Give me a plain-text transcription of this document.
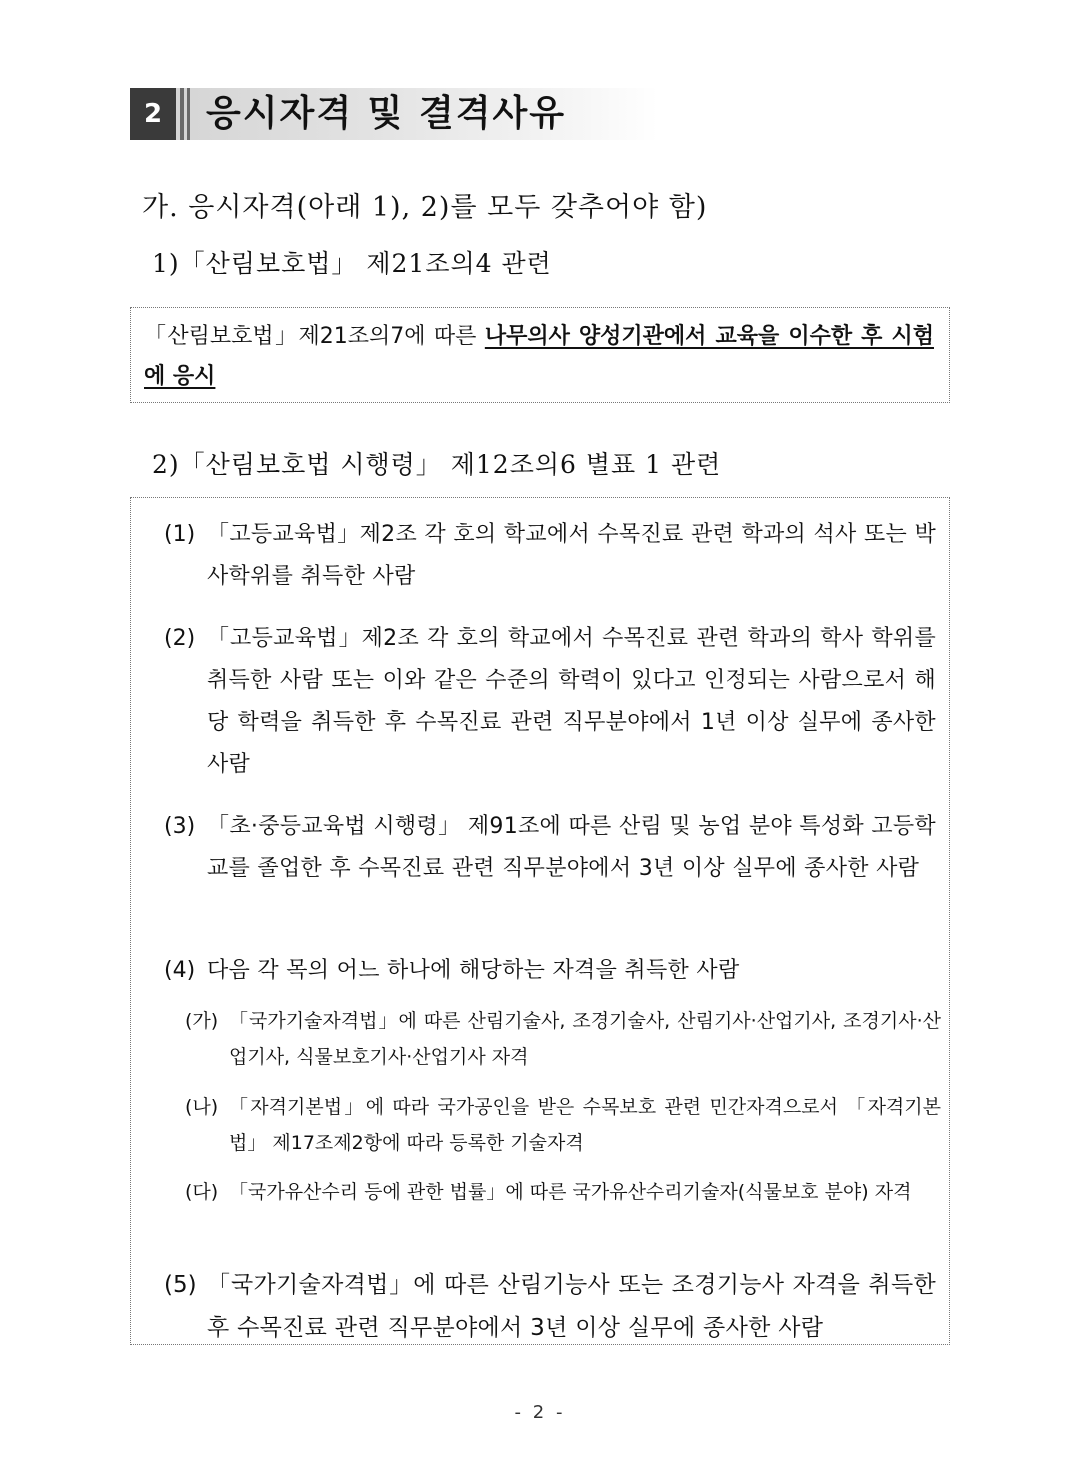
2	응시자격 및 결격사유
가. 응시자격(아래 1), 2)를 모두 갖추어야 함)
1)「산림보호법」 제21조의4 관련
「산림보호법」제21조의7에 따른 나무의사 양성기관에서 교육을 이수한 후 시험에 응시
2)「산림보호법 시행령」 제12조의6 별표 1 관련
(1) 「고등교육법」제2조 각 호의 학교에서 수목진료 관련 학과의 석사 또는 박사학위를 취득한 사람
(2) 「고등교육법」제2조 각 호의 학교에서 수목진료 관련 학과의 학사 학위를 취득한 사람 또는 이와 같은 수준의 학력이 있다고 인정되는 사람으로서 해당 학력을 취득한 후 수목진료 관련 직무분야에서 1년 이상 실무에 종사한 사람
(3) 「초·중등교육법 시행령」 제91조에 따른 산림 및 농업 분야 특성화 고등학교를 졸업한 후 수목진료 관련 직무분야에서 3년 이상 실무에 종사한 사람
(4) 다음 각 목의 어느 하나에 해당하는 자격을 취득한 사람
(가) 「국가기술자격법」에 따른 산림기술사, 조경기술사, 산림기사·산업기사, 조경기사·산업기사, 식물보호기사·산업기사 자격
(나) 「자격기본법」에 따라 국가공인을 받은 수목보호 관련 민간자격으로서 「자격기본법」 제17조제2항에 따라 등록한 기술자격
(다) 「국가유산수리 등에 관한 법률」에 따른 국가유산수리기술자(식물보호 분야) 자격
(5) 「국가기술자격법」에 따른 산림기능사 또는 조경기능사 자격을 취득한 후 수목진료 관련 직무분야에서 3년 이상 실무에 종사한 사람
- 2 -
